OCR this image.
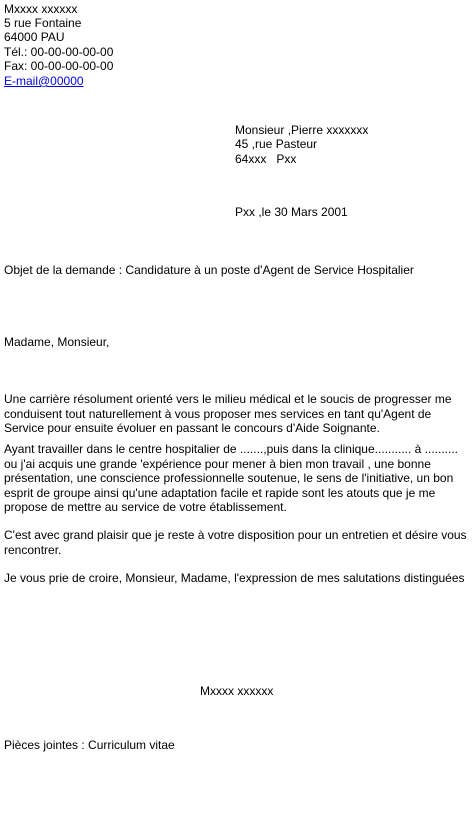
Mxxxx xxxxxx
5 rue Fontaine
64000 PAU
Tél.: 00-00-00-00-00
Fax: 00-00-00-00-00
E-mail@00000
Monsieur ,Pierre xxxxxxx
45 ,rue Pasteur
64xxx   Pxx
Pxx ,le 30 Mars 2001
Objet de la demande : Candidature à un poste d'Agent de Service Hospitalier
Madame, Monsieur,
Une carrière résolument orienté vers le milieu médical et le soucis de progresser me conduisent tout naturellement à vous proposer mes services en tant qu'Agent de Service pour ensuite évoluer en passant le concours d'Aide Soignante.
Ayant travailler dans le centre hospitalier de .......,puis dans la clinique........... à .......... ou j'ai acquis une grande 'expérience pour mener à bien mon travail , une bonne présentation, une conscience professionnelle soutenue, le sens de l'initiative, un bon esprit de groupe ainsi qu'une adaptation facile et rapide sont les atouts que je me propose de mettre au service de votre établissement.
C'est avec grand plaisir que je reste à votre disposition pour un entretien et désire vous rencontrer.
Je vous prie de croire, Monsieur, Madame, l'expression de mes salutations distinguées
Mxxxx xxxxxx
Pièces jointes : Curriculum vitae
